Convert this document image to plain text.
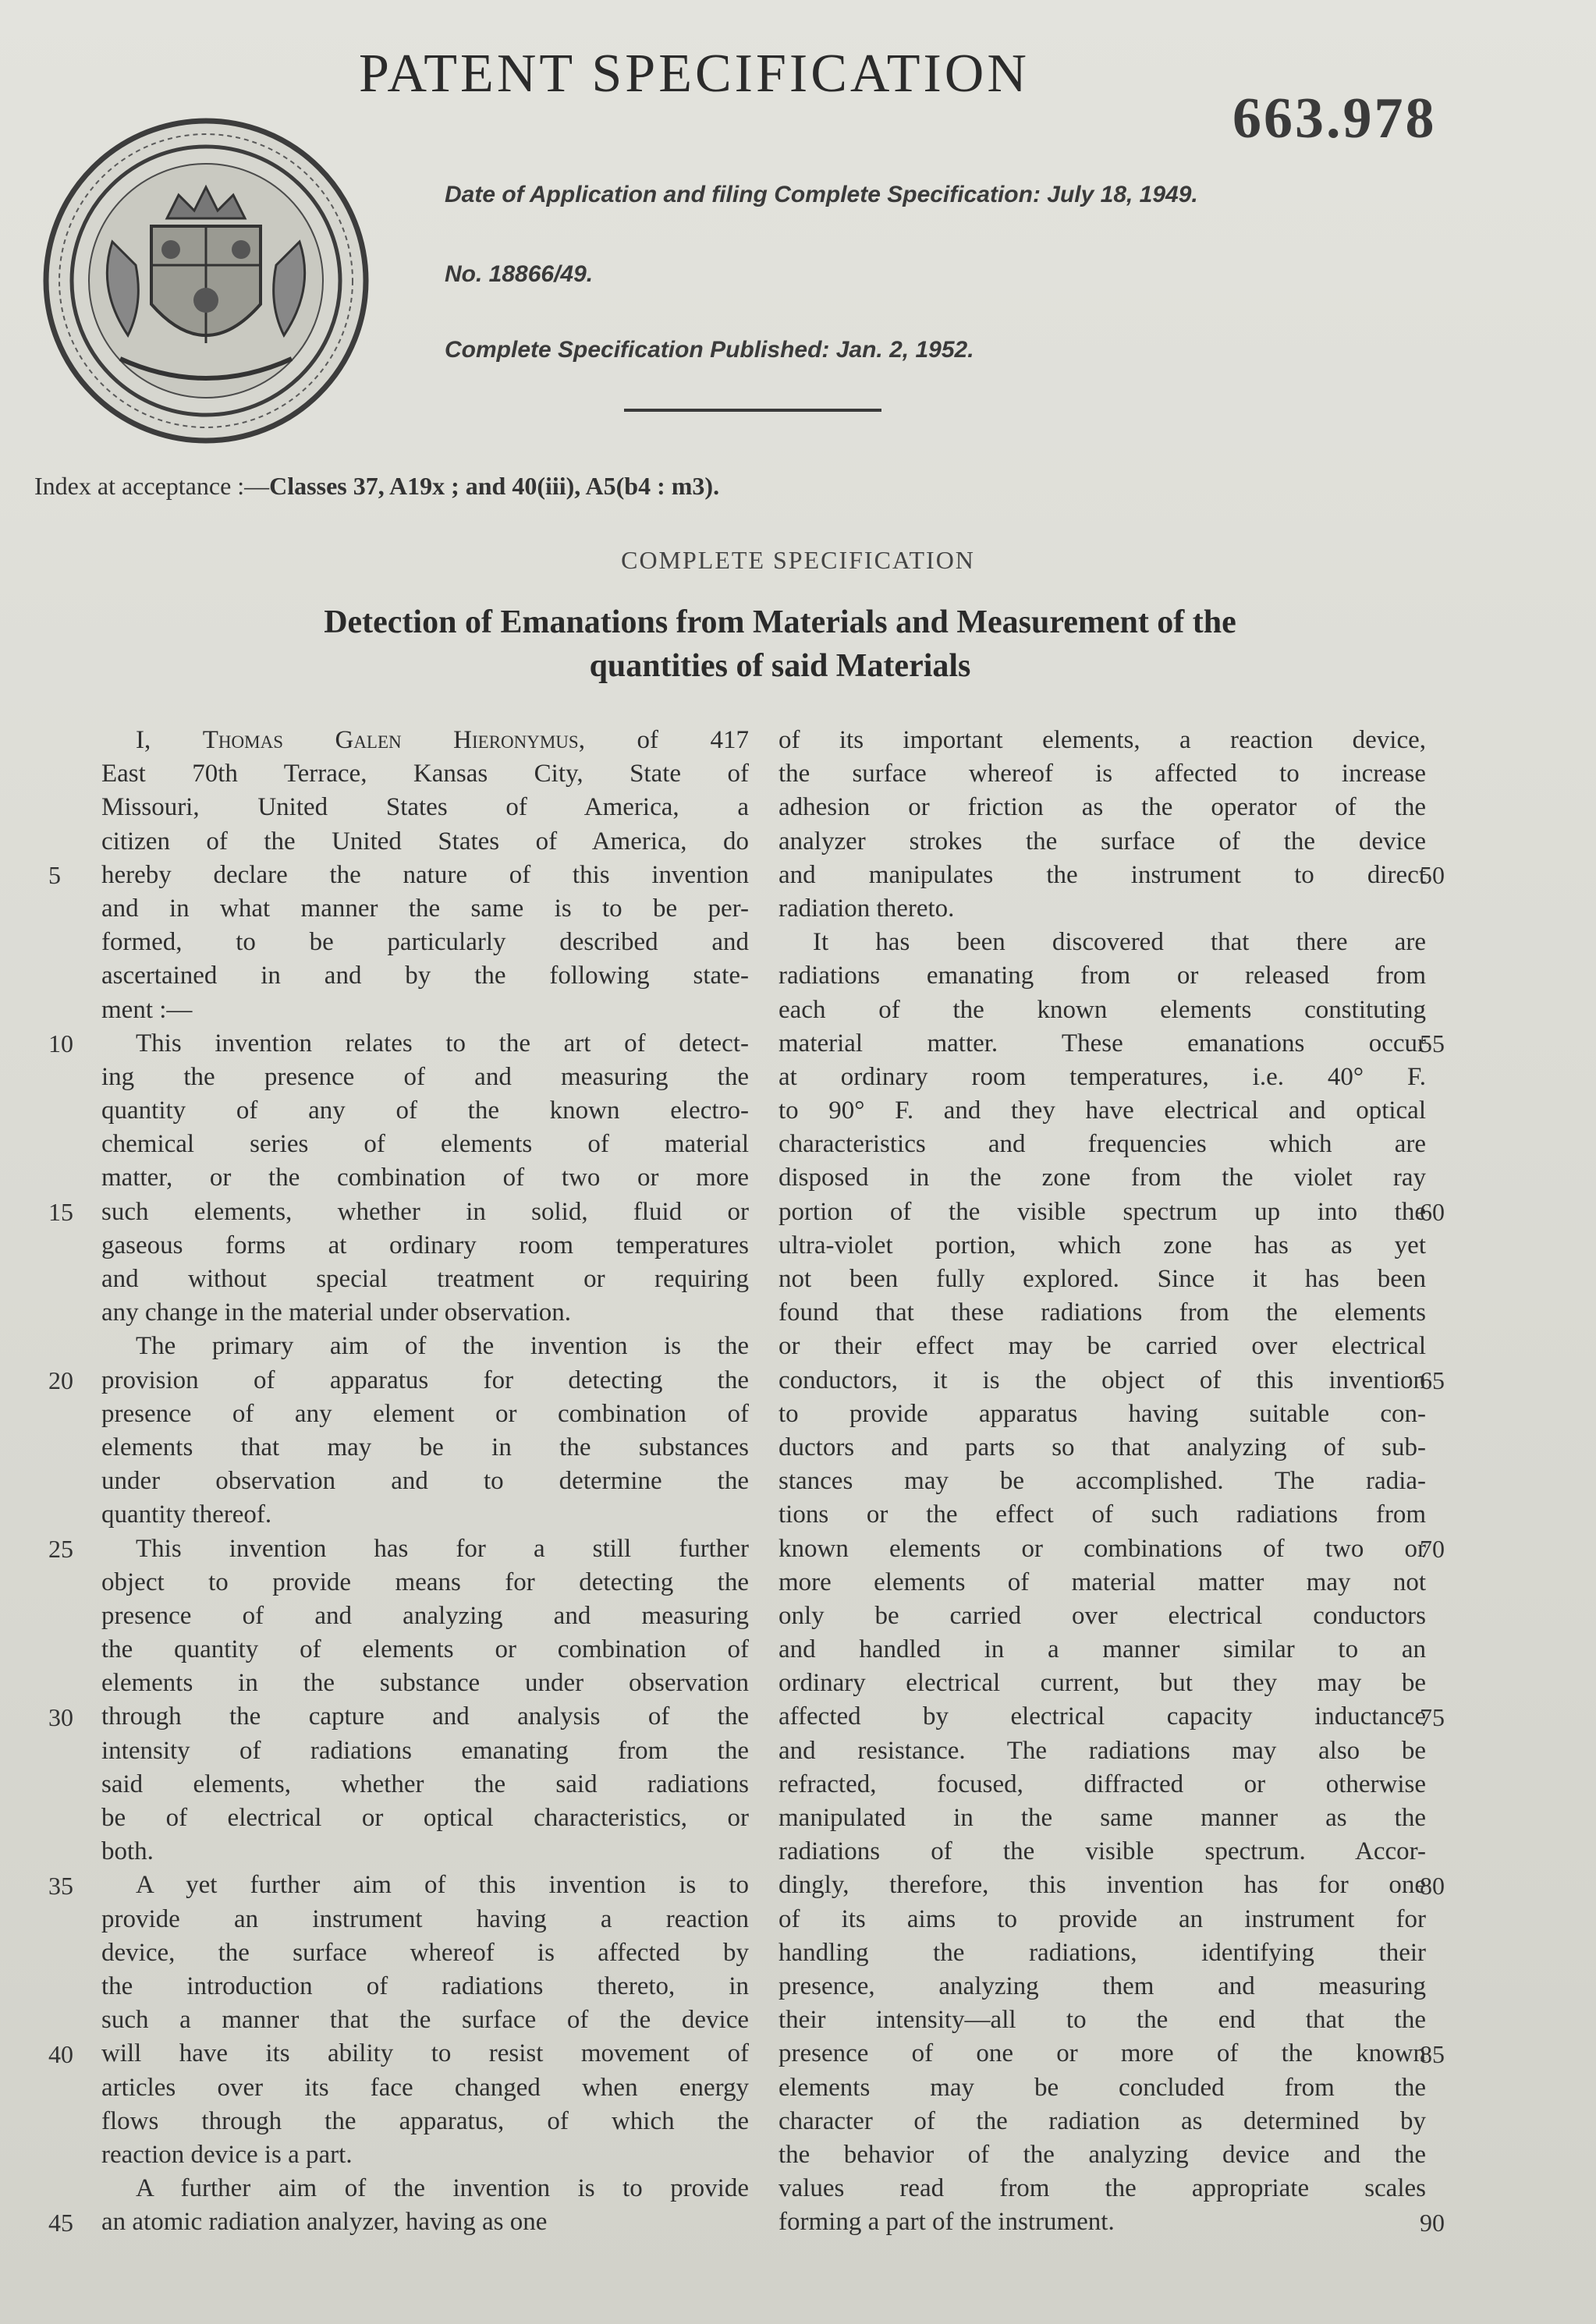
PATENT SPECIFICATION
663.978
Date of Application and filing Complete Specification: July 18, 1949.
No. 18866/49.
Complete Specification Published: Jan. 2, 1952.
Index at acceptance :—Classes 37, A19x ; and 40(iii), A5(b4 : m3).
COMPLETE SPECIFICATION
Detection of Emanations from Materials and Measurement of the
quantities of said Materials
I, Thomas Galen Hieronymus, of 417
East 70th Terrace, Kansas City, State of
Missouri, United States of America, a
citizen of the United States of America, do
hereby declare the nature of this invention
and in what manner the same is to be per-
formed, to be particularly described and
ascertained in and by the following state-
ment :—
This invention relates to the art of detect-
ing the presence of and measuring the
quantity of any of the known electro-
chemical series of elements of material
matter, or the combination of two or more
such elements, whether in solid, fluid or
gaseous forms at ordinary room temperatures
and without special treatment or requiring
any change in the material under observation.
The primary aim of the invention is the
provision of apparatus for detecting the
presence of any element or combination of
elements that may be in the substances
under observation and to determine the
quantity thereof.
This invention has for a still further
object to provide means for detecting the
presence of and analyzing and measuring
the quantity of elements or combination of
elements in the substance under observation
through the capture and analysis of the
intensity of radiations emanating from the
said elements, whether the said radiations
be of electrical or optical characteristics, or
both.
A yet further aim of this invention is to
provide an instrument having a reaction
device, the surface whereof is affected by
the introduction of radiations thereto, in
such a manner that the surface of the device
will have its ability to resist movement of
articles over its face changed when energy
flows through the apparatus, of which the
reaction device is a part.
A further aim of the invention is to provide
an atomic radiation analyzer, having as one
of its important elements, a reaction device,
the surface whereof is affected to increase
adhesion or friction as the operator of the
analyzer strokes the surface of the device
and manipulates the instrument to direct
radiation thereto.
It has been discovered that there are
radiations emanating from or released from
each of the known elements constituting
material matter. These emanations occur
at ordinary room temperatures, i.e. 40° F.
to 90° F. and they have electrical and optical
characteristics and frequencies which are
disposed in the zone from the violet ray
portion of the visible spectrum up into the
ultra-violet portion, which zone has as yet
not been fully explored. Since it has been
found that these radiations from the elements
or their effect may be carried over electrical
conductors, it is the object of this invention
to provide apparatus having suitable con-
ductors and parts so that analyzing of sub-
stances may be accomplished. The radia-
tions or the effect of such radiations from
known elements or combinations of two or
more elements of material matter may not
only be carried over electrical conductors
and handled in a manner similar to an
ordinary electrical current, but they may be
affected by electrical capacity inductance
and resistance. The radiations may also be
refracted, focused, diffracted or otherwise
manipulated in the same manner as the
radiations of the visible spectrum. Accor-
dingly, therefore, this invention has for one
of its aims to provide an instrument for
handling the radiations, identifying their
presence, analyzing them and measuring
their intensity—all to the end that the
presence of one or more of the known
elements may be concluded from the
character of the radiation as determined by
the behavior of the analyzing device and the
values read from the appropriate scales
forming a part of the instrument.
5
10
15
20
25
30
35
40
45
50
55
60
65
70
75
80
85
90
